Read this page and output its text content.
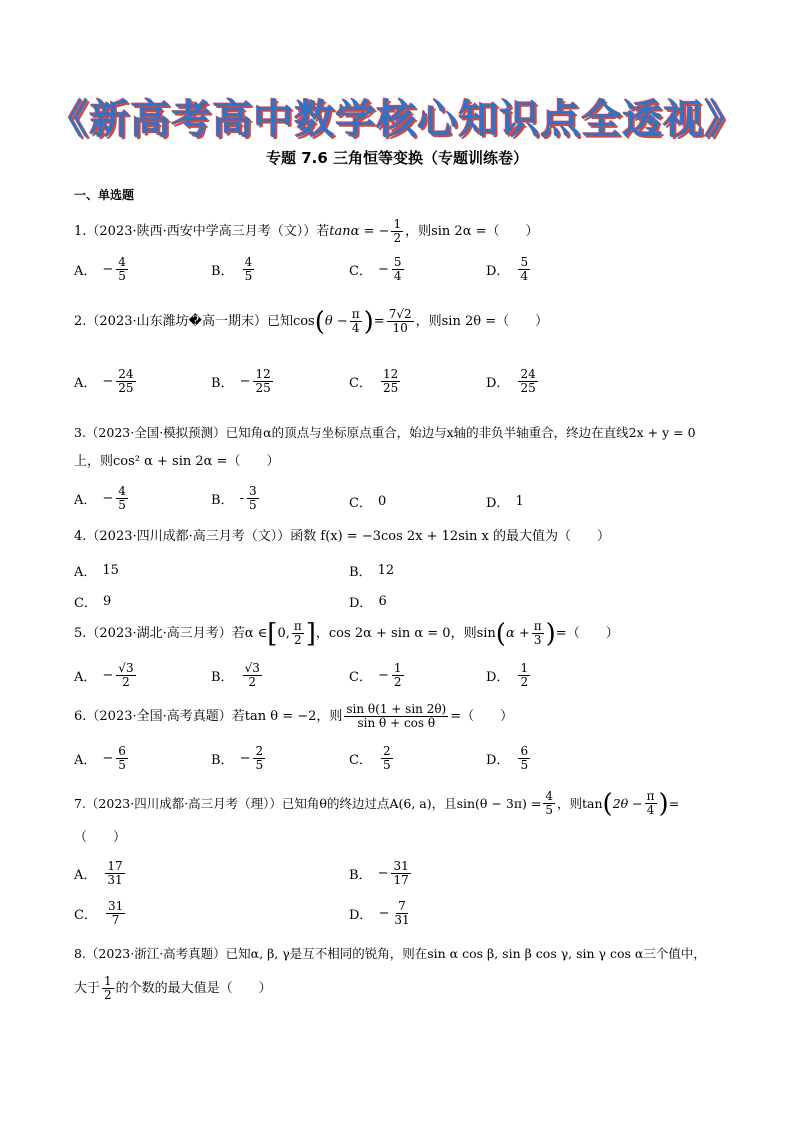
《新高考高中数学核心知识点全透视》
专题 7.6 三角恒等变换（专题训练卷）
一、单选题
1.（2023·陕西·西安中学高三月考（文））若tanα = − $\frac{1}{2}$ ，则sin 2α =（　　）
A． − $\frac{4}{5}$	B． $\frac{4}{5}$	C． − $\frac{5}{4}$	D． $\frac{5}{4}$
2.（2023·山东潍坊�高一期末）已知cos ( $\theta - \frac{\pi}{4}$ ) = $\frac{7√2}{10}$ ，则sin 2θ =（　　）
A． − $\frac{24}{25}$	B． − $\frac{12}{25}$	C． $\frac{12}{25}$	D． $\frac{24}{25}$
3.（2023·全国·模拟预测）已知角α的顶点与坐标原点重合，始边与x轴的非负半轴重合，终边在直线2x + y = 0
上，则cos² α + sin 2α =（　　）
A． − $\frac{4}{5}$	B． - $\frac{3}{5}$	C． 0	D． 1
4.（2023·四川成都·高三月考（文））函数 f(x) = −3cos 2x + 12sin x 的最大值为（　　）
A． 15	B． 12
C． 9	D． 6
5.（2023·湖北·高三月考）若α ∈ [ 0, $\frac{\pi}{2}$ ] ，cos 2α + sin α = 0，则sin ( $\alpha + \frac{\pi}{3}$ ) =（　　）
A． − $\frac{√3}{2}$	B． $\frac{√3}{2}$	C． − $\frac{1}{2}$	D． $\frac{1}{2}$
6.（2023·全国·高考真题）若tan θ = −2，则 $\frac{\text{sin θ(1 + sin 2θ)}}{\text{sin θ + cos θ}}$ =（　　）
A． − $\frac{6}{5}$	B． − $\frac{2}{5}$	C． $\frac{2}{5}$	D． $\frac{6}{5}$
7.（2023·四川成都·高三月考（理））已知角θ的终边过点A(6, a)，且$\sin(\theta - 3\pi) = \frac{4}{5}$ ，则tan ( $2\theta - \frac{\pi}{4}$ ) =
（　　）
A． $\frac{17}{31}$	B． − $\frac{31}{17}$
C． $\frac{31}{7}$	D． − $\frac{7}{31}$
8.（2023·浙江·高考真题）已知α, β, γ是互不相同的锐角，则在sin α cos β, sin β cos γ, sin γ cos α三个值中，
大于 $\frac{1}{2}$ 的个数的最大值是（　　）
